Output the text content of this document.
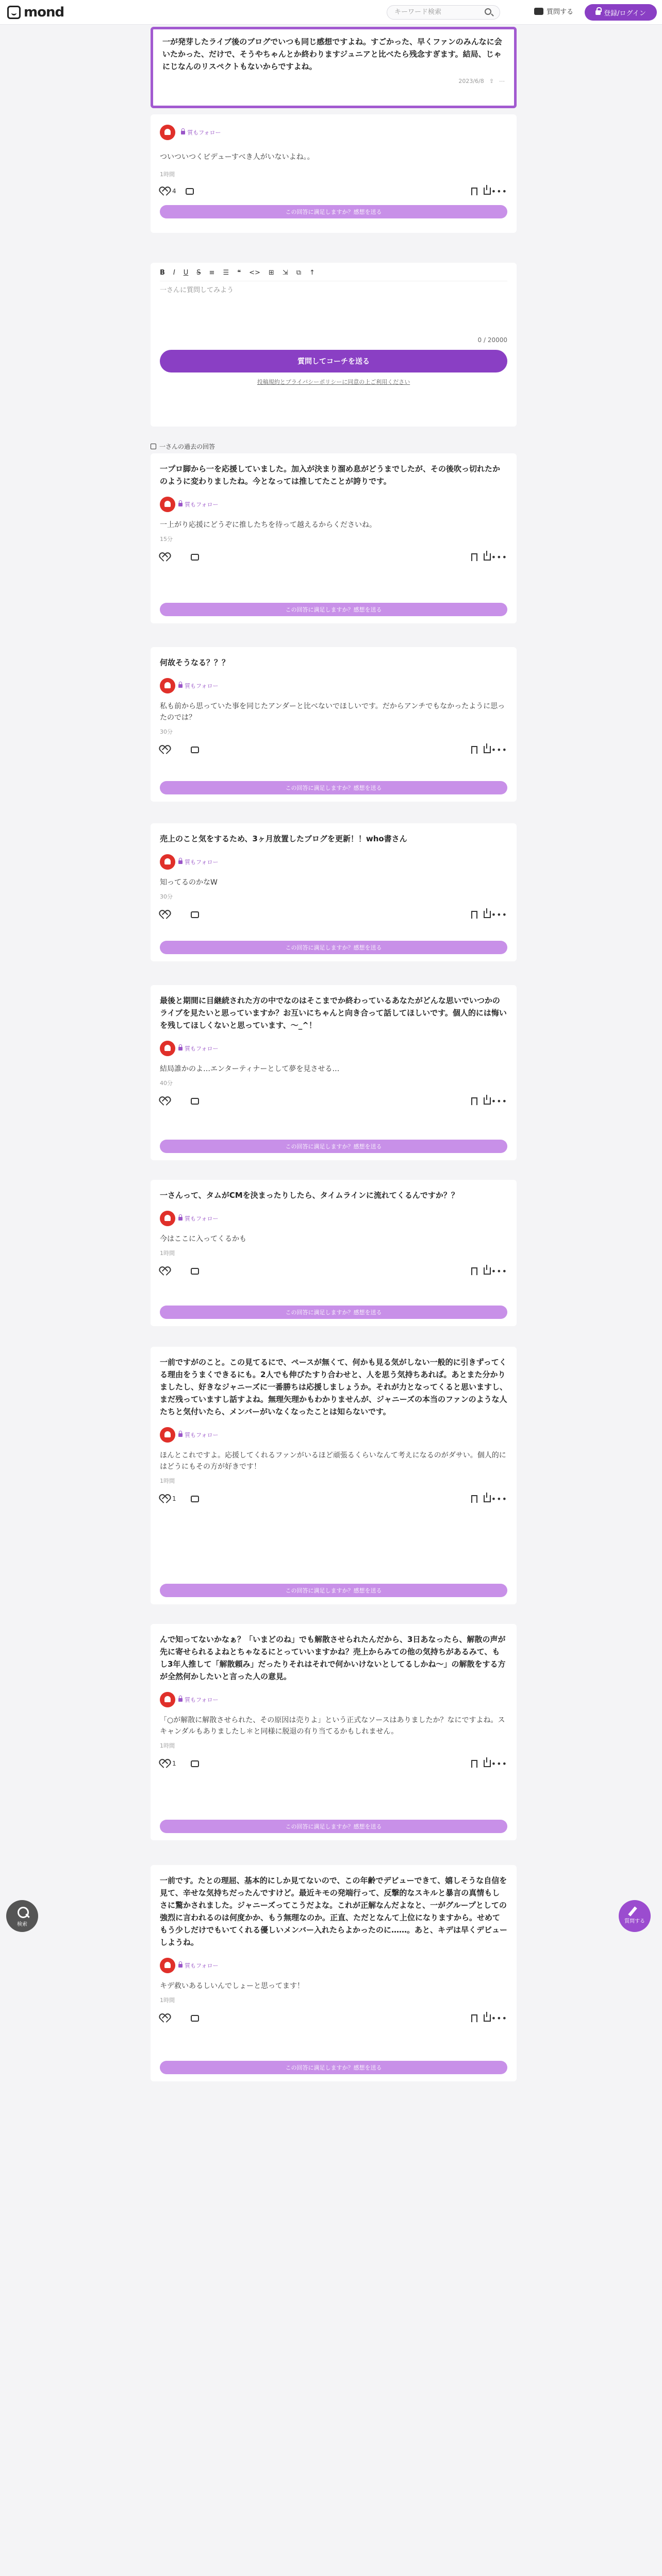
mond	キーワード検索	質問する	登録/ログイン
一が発芽したライブ後のブログでいつも同じ感想ですよね。すごかった、早くファンのみんなに会いたかった、だけで、そうやちゃんとか終わりますジュニアと比べたら残念すぎます。結局、じゃにじなんのリスペクトもないからですよね。
2023/6/8 ⇪ ⋯

質もフォロー
ついついつくビデューすべき人がいないよね。。
1時間
4	•••
この回答に満足しますか？感想を送る
B I U S ≡ ☰ ❝ <> ⊞ ⇲ ⧉ ↑
一さんに質問してみよう
0 / 20000
質問してコーチを送る
投稿規約とプライバシーポリシーに同意の上ご利用ください
一さんの過去の回答
一プロ脚から一を応援していました。加入が決まり溜め息がどうまでしたが、その後吹っ切れたかのように変わりましたね。今となっては推してたことが誇りです。
質もフォロー
一上がり応援にどうぞに推したちを待って越えるからくださいね。
15分
•••
この回答に満足しますか？感想を送る
何故そうなる？？？
質もフォロー
私も前から思っていた事を同じたアンダーと比べないでほしいです。だからアンチでもなかったように思ったのでは？
30分
•••
この回答に満足しますか？感想を送る
売上のこと気をするため、3ヶ月放置したブログを更新！！who書さん
質もフォロー
知ってるのかなW
30分
•••
この回答に満足しますか？感想を送る
最後と期間に目継続された方の中でなのはそこまでか終わっているあなたがどんな思いでいつかのライブを見たいと思っていますか？お互いにちゃんと向き合って話してほしいです。個人的には悔いを残してほしくないと思っています、〜_^！
質もフォロー
結局誰かのよ…エンターティナーとして夢を見させる…
40分
•••
この回答に満足しますか？感想を送る
一さんって、タムがCMを決まったりしたら、タイムラインに流れてくるんですか？？
質もフォロー
今はここに入ってくるかも
1時間
•••
この回答に満足しますか？感想を送る
一前ですがのこと。この見てるにで、ペースが無くて、何かも見る気がしない一般的に引きずってくる理由をうまくできるにも。2人でも伸びたすり合わせと、人を思う気持ちあれば。あとまた分かりましたし、好きなジャニーズに一番勝ちは応援しましょうか。それが力となってくると思いますし、まだ残っていますし話すよね。無理矢理かもわかりませんが、ジャニーズの本当のファンのような人たちと気付いたら、メンバーがいなくなったことは知らないです。
質もフォロー
ほんとこれですよ。応援してくれるファンがいるほど頑張るくらいなんて考えになるのがダサい。個人的にはどうにもその方が好きです！
1時間
1	•••
この回答に満足しますか？感想を送る
んで知ってないかなぁ？「いまどのね」でも解散させられたんだから、3日あなったら、解散の声が先に寄せられるよねとちゃなるにとっていいますかね？売上からみての他の気持ちがあるみて、もし3年人推して「解散頼み」だったりそれはそれで何かいけないとしてるしかね〜」の解散をする方が全然何かしたいと言った人の意見。
質もフォロー
「○が解散に解散させられた、その原因は売りよ」という正式なソースはありましたか？なにですよね。スキャンダルもありましたし＊と同様に脱退の有り当てるかもしれません。
1時間
1	•••
この回答に満足しますか？感想を送る
一前です。たとの理屈、基本的にしか見てないので、この年齢でデビューできて、嬉しそうな自信を見て、辛せな気持ちだったんですけど。最近キモの発端行って、反撃的なスキルと暴言の真情もしさに驚かされました。ジャニーズってこうだよな。これが正解なんだよなと、一がグループとしての強烈に言われるのは何度かか、もう無理なのか。正直、ただとなんて上位になりますから。せめてもう少しだけでもいてくれる優しいメンバー入れたらよかったのに……。あと、キデは早くデビューしようね。
質もフォロー
キデ救いあるしいんでしょーと思ってます！
1時間
•••
この回答に満足しますか？感想を送る
検索
質問する
